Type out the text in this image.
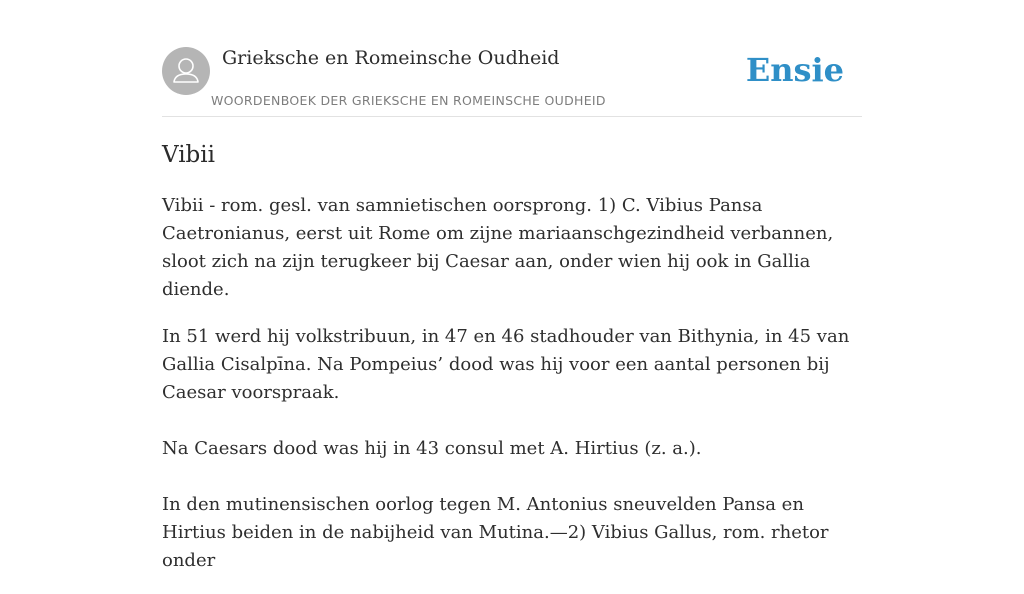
Grieksche en Romeinsche Oudheid
WOORDENBOEK DER GRIEKSCHE EN ROMEINSCHE OUDHEID
Ensie
Vibii

Vibii - rom. gesl. van samnietischen oorsprong. 1) C. Vibius Pansa Caetronianus, eerst uit Rome om zijne mariaanschgezindheid verbannen, sloot zich na zijn terugkeer bij Caesar aan, onder wien hij ook in Gallia diende.

In 51 werd hij volkstribuun, in 47 en 46 stadhouder van Bithynia, in 45 van Gallia Cisalpīna. Na Pompeius’ dood was hij voor een aantal personen bij Caesar voorspraak.

Na Caesars dood was hij in 43 consul met A. Hirtius (z. a.).

In den mutinensischen oorlog tegen M. Antonius sneuvelden Pansa en Hirtius beiden in de nabijheid van Mutina.—2) Vibius Gallus, rom. rhetor onder
